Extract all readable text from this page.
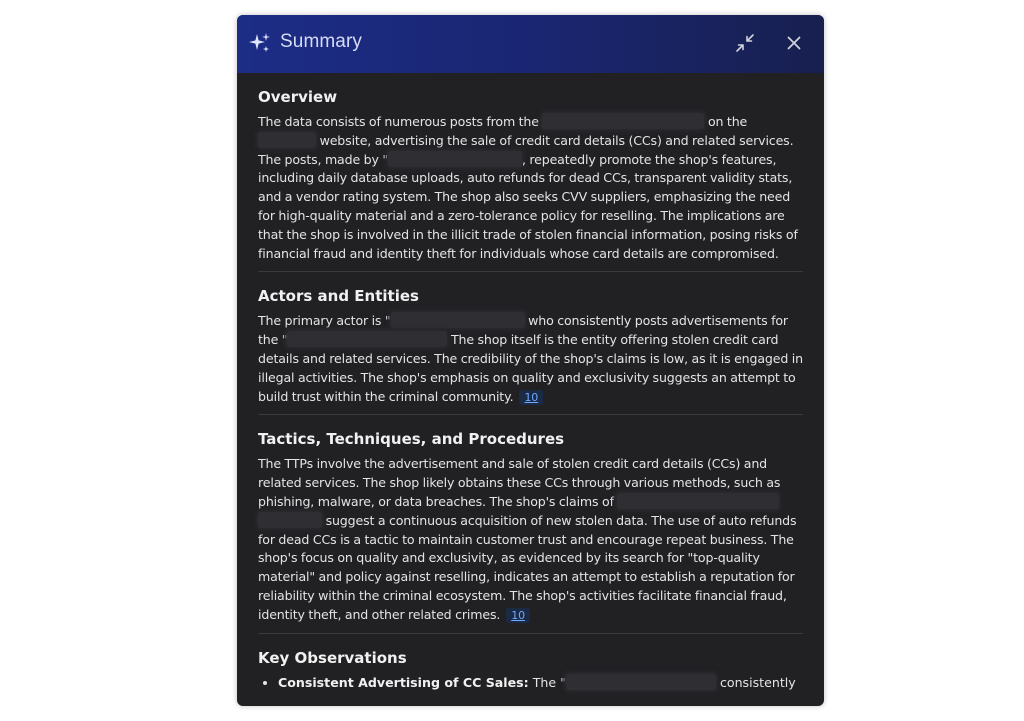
Summary
Overview

The data consists of numerous posts from the	on the  website, advertising the sale of credit card details (CCs) and related services. The posts, made by "	, repeatedly promote the shop's features, including daily database uploads, auto refunds for dead CCs, transparent validity stats, and a vendor rating system. The shop also seeks CVV suppliers, emphasizing the need for high-quality material and a zero-tolerance policy for reselling. The implications are that the shop is involved in the illicit trade of stolen financial information, posing risks of financial fraud and identity theft for individuals whose card details are compromised.

Actors and Entities

The primary actor is "	who consistently posts advertisements for the "	The shop itself is the entity offering stolen credit card details and related services. The credibility of the shop's claims is low, as it is engaged in illegal activities. The shop's emphasis on quality and exclusivity suggests an attempt to build trust within the criminal community. 10

Tactics, Techniques, and Procedures

The TTPs involve the advertisement and sale of stolen credit card details (CCs) and related services. The shop likely obtains these CCs through various methods, such as phishing, malware, or data breaches. The shop's claims of   suggest a continuous acquisition of new stolen data. The use of auto refunds for dead CCs is a tactic to maintain customer trust and encourage repeat business. The shop's focus on quality and exclusivity, as evidenced by its search for "top-quality material" and policy against reselling, indicates an attempt to establish a reputation for reliability within the criminal ecosystem. The shop's activities facilitate financial fraud, identity theft, and other related crimes. 10

Key Observations
• Consistent Advertising of CC Sales: The "	consistently
